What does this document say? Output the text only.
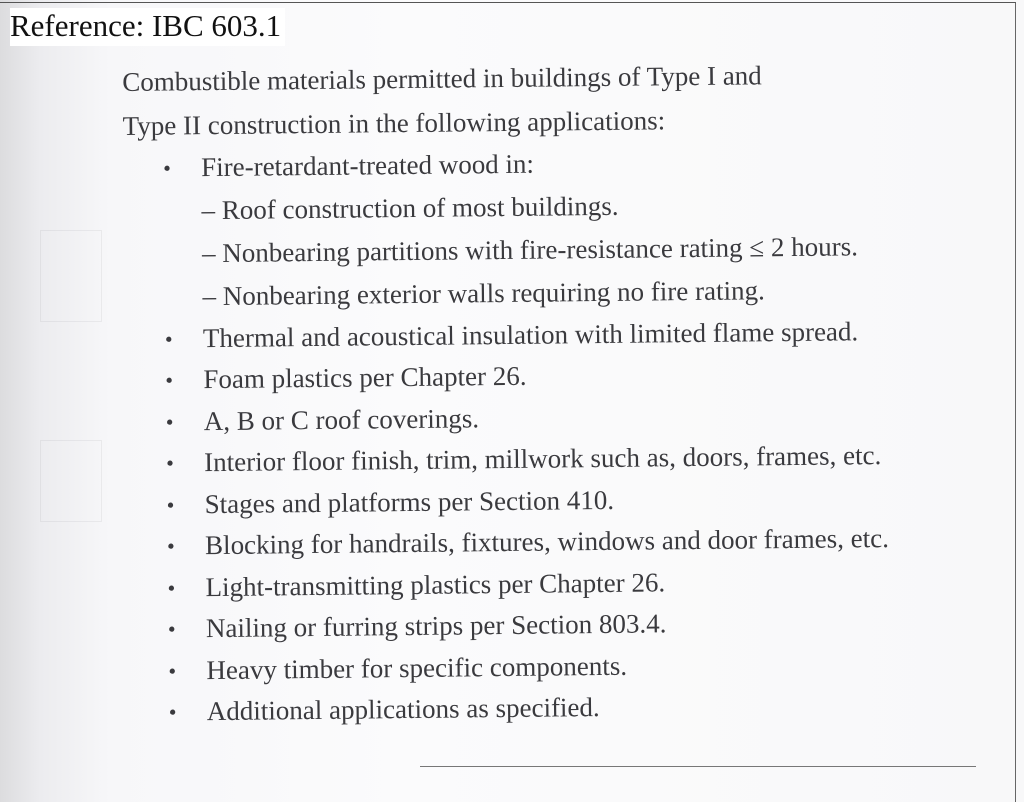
Reference: IBC 603.1

Combustible materials permitted in buildings of Type I and
Type II construction in the following applications:

• Fire-retardant-treated wood in:
– Roof construction of most buildings.
– Nonbearing partitions with fire-resistance rating ≤ 2 hours.
– Nonbearing exterior walls requiring no fire rating.
• Thermal and acoustical insulation with limited flame spread.
• Foam plastics per Chapter 26.
• A, B or C roof coverings.
• Interior floor finish, trim, millwork such as, doors, frames, etc.
• Stages and platforms per Section 410.
• Blocking for handrails, fixtures, windows and door frames, etc.
• Light-transmitting plastics per Chapter 26.
• Nailing or furring strips per Section 803.4.
• Heavy timber for specific components.
• Additional applications as specified.
